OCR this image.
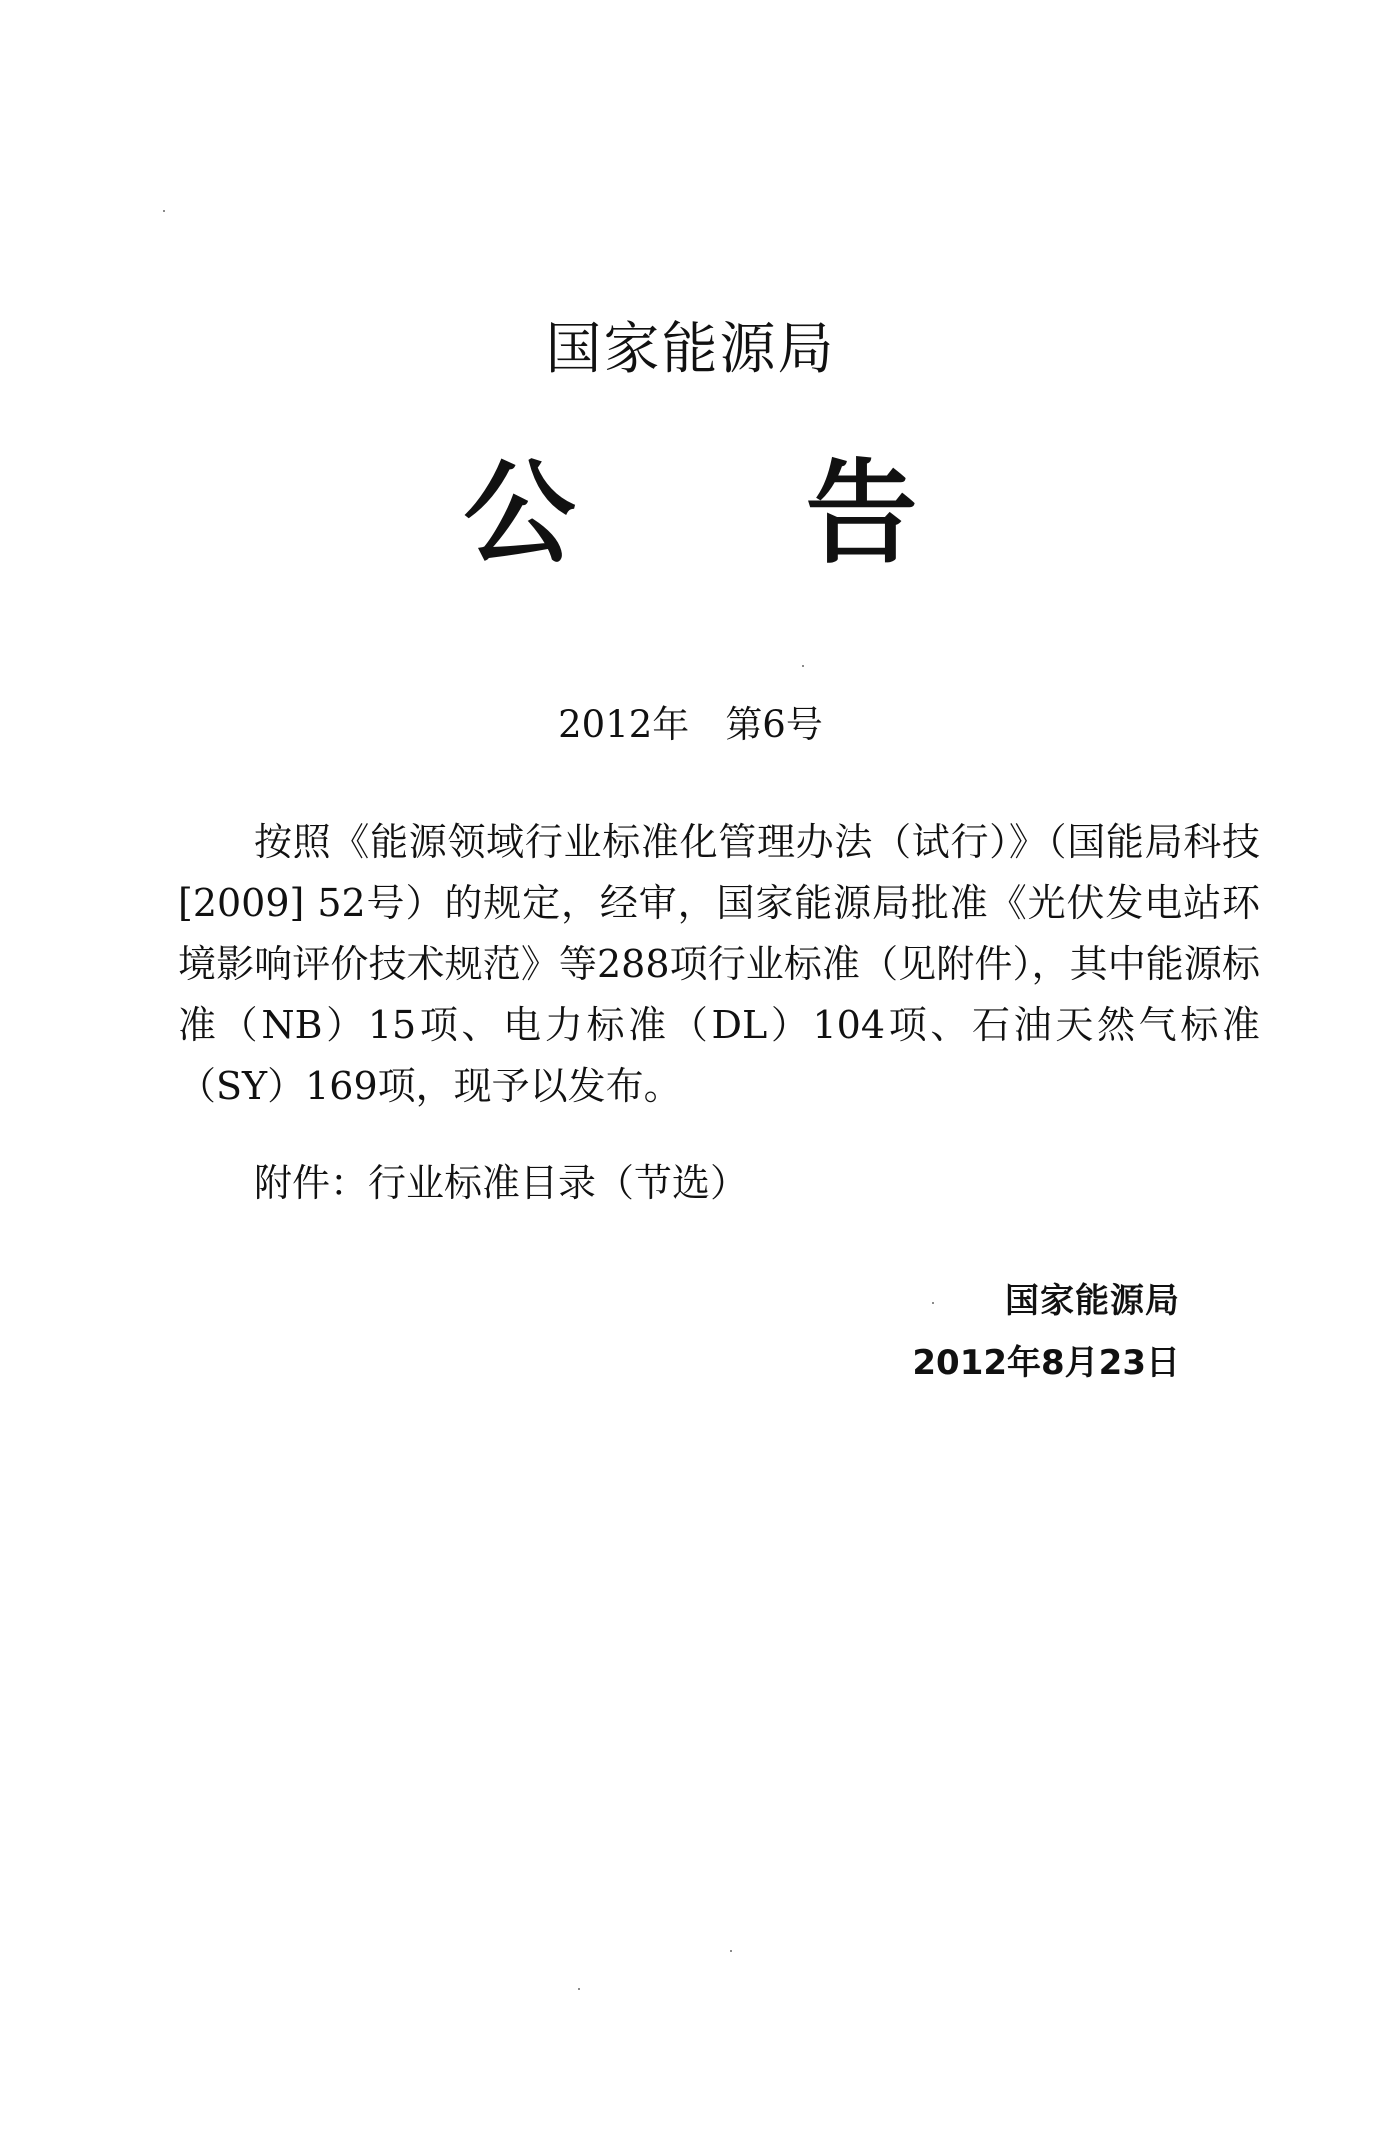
国家能源局
公 告
2012年 第6号
按照《能源领域行业标准化管理办法（试行）》（国能局科技[2009] 52号）的规定，经审，国家能源局批准《光伏发电站环境影响评价技术规范》等288项行业标准（见附件），其中能源标准（NB）15项、电力标准（DL）104项、石油天然气标准（SY）169项，现予以发布。
附件：行业标准目录（节选）
国家能源局
2012年8月23日
